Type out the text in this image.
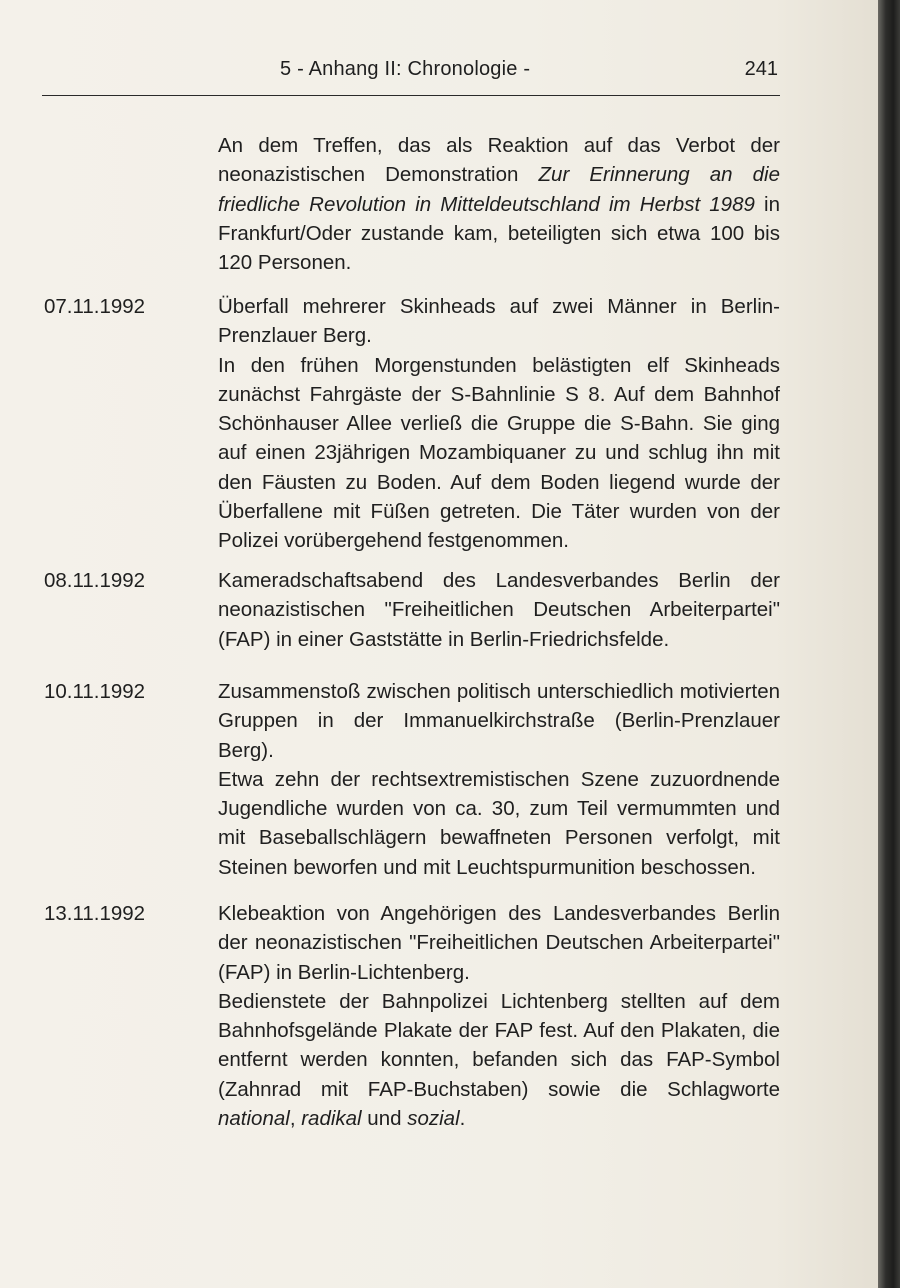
5 - Anhang II: Chronologie -	241

An dem Treffen, das als Reaktion auf das Verbot der neonazistischen Demonstration Zur Erinnerung an die friedliche Revolution in Mitteldeutschland im Herbst 1989 in Frankfurt/Oder zustande kam, beteiligten sich etwa 100 bis 120 Personen.

07.11.1992	Überfall mehrerer Skinheads auf zwei Männer in Berlin-Prenzlauer Berg.

In den frühen Morgenstunden belästigten elf Skinheads zunächst Fahrgäste der S-Bahnlinie S 8. Auf dem Bahnhof Schönhauser Allee verließ die Gruppe die S-Bahn. Sie ging auf einen 23jährigen Mozambiquaner zu und schlug ihn mit den Fäusten zu Boden. Auf dem Boden liegend wurde der Überfallene mit Füßen getreten. Die Täter wurden von der Polizei vorübergehend festgenommen.

08.11.1992	Kameradschaftsabend des Landesverbandes Berlin der neonazistischen "Freiheitlichen Deutschen Arbeiterpartei" (FAP) in einer Gaststätte in Berlin-Friedrichsfelde.

10.11.1992	Zusammenstoß zwischen politisch unterschiedlich motivierten Gruppen in der Immanuelkirchstraße (Berlin-Prenzlauer Berg).

Etwa zehn der rechtsextremistischen Szene zuzuordnende Jugendliche wurden von ca. 30, zum Teil vermummten und mit Baseballschlägern bewaffneten Personen verfolgt, mit Steinen beworfen und mit Leuchtspurmunition beschossen.

13.11.1992	Klebeaktion von Angehörigen des Landesverbandes Berlin der neonazistischen "Freiheitlichen Deutschen Arbeiterpartei" (FAP) in Berlin-Lichtenberg.

Bedienstete der Bahnpolizei Lichtenberg stellten auf dem Bahnhofsgelände Plakate der FAP fest. Auf den Plakaten, die entfernt werden konnten, befanden sich das FAP-Symbol (Zahnrad mit FAP-Buchstaben) sowie die Schlagworte national, radikal und sozial.
